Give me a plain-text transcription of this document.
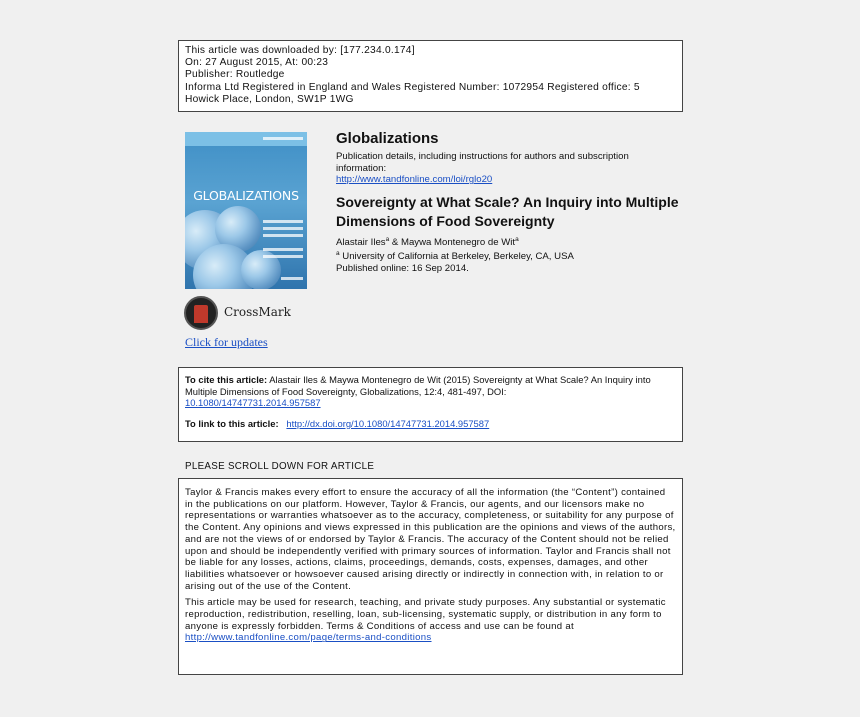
This article was downloaded by: [177.234.0.174]
On: 27 August 2015, At: 00:23
Publisher: Routledge
Informa Ltd Registered in England and Wales Registered Number: 1072954 Registered office: 5
Howick Place, London, SW1P 1WG
GLOBALIZATIONS
CrossMark
Click for updates
Globalizations
Publication details, including instructions for authors and subscription information:
http://www.tandfonline.com/loi/rglo20
Sovereignty at What Scale? An Inquiry into Multiple Dimensions of Food Sovereignty
Alastair Iles$^a$ & Maywa Montenegro de Wit$^a$
$^a$ University of California at Berkeley, Berkeley, CA, USA
Published online: 16 Sep 2014.
To cite this article: Alastair Iles & Maywa Montenegro de Wit (2015) Sovereignty at What Scale? An Inquiry into Multiple Dimensions of Food Sovereignty, Globalizations, 12:4, 481-497, DOI:
10.1080/14747731.2014.957587
To link to this article: http://dx.doi.org/10.1080/14747731.2014.957587
PLEASE SCROLL DOWN FOR ARTICLE

Taylor & Francis makes every effort to ensure the accuracy of all the information (the “Content”) contained in the publications on our platform. However, Taylor & Francis, our agents, and our licensors make no representations or warranties whatsoever as to the accuracy, completeness, or suitability for any purpose of the Content. Any opinions and views expressed in this publication are the opinions and views of the authors, and are not the views of or endorsed by Taylor & Francis. The accuracy of the Content should not be relied upon and should be independently verified with primary sources of information. Taylor and Francis shall not be liable for any losses, actions, claims, proceedings, demands, costs, expenses, damages, and other liabilities whatsoever or howsoever caused arising directly or indirectly in connection with, in relation to or arising out of the use of the Content.

This article may be used for research, teaching, and private study purposes. Any substantial or systematic reproduction, redistribution, reselling, loan, sub-licensing, systematic supply, or distribution in any form to anyone is expressly forbidden. Terms & Conditions of access and use can be found at http://www.tandfonline.com/page/terms-and-conditions
